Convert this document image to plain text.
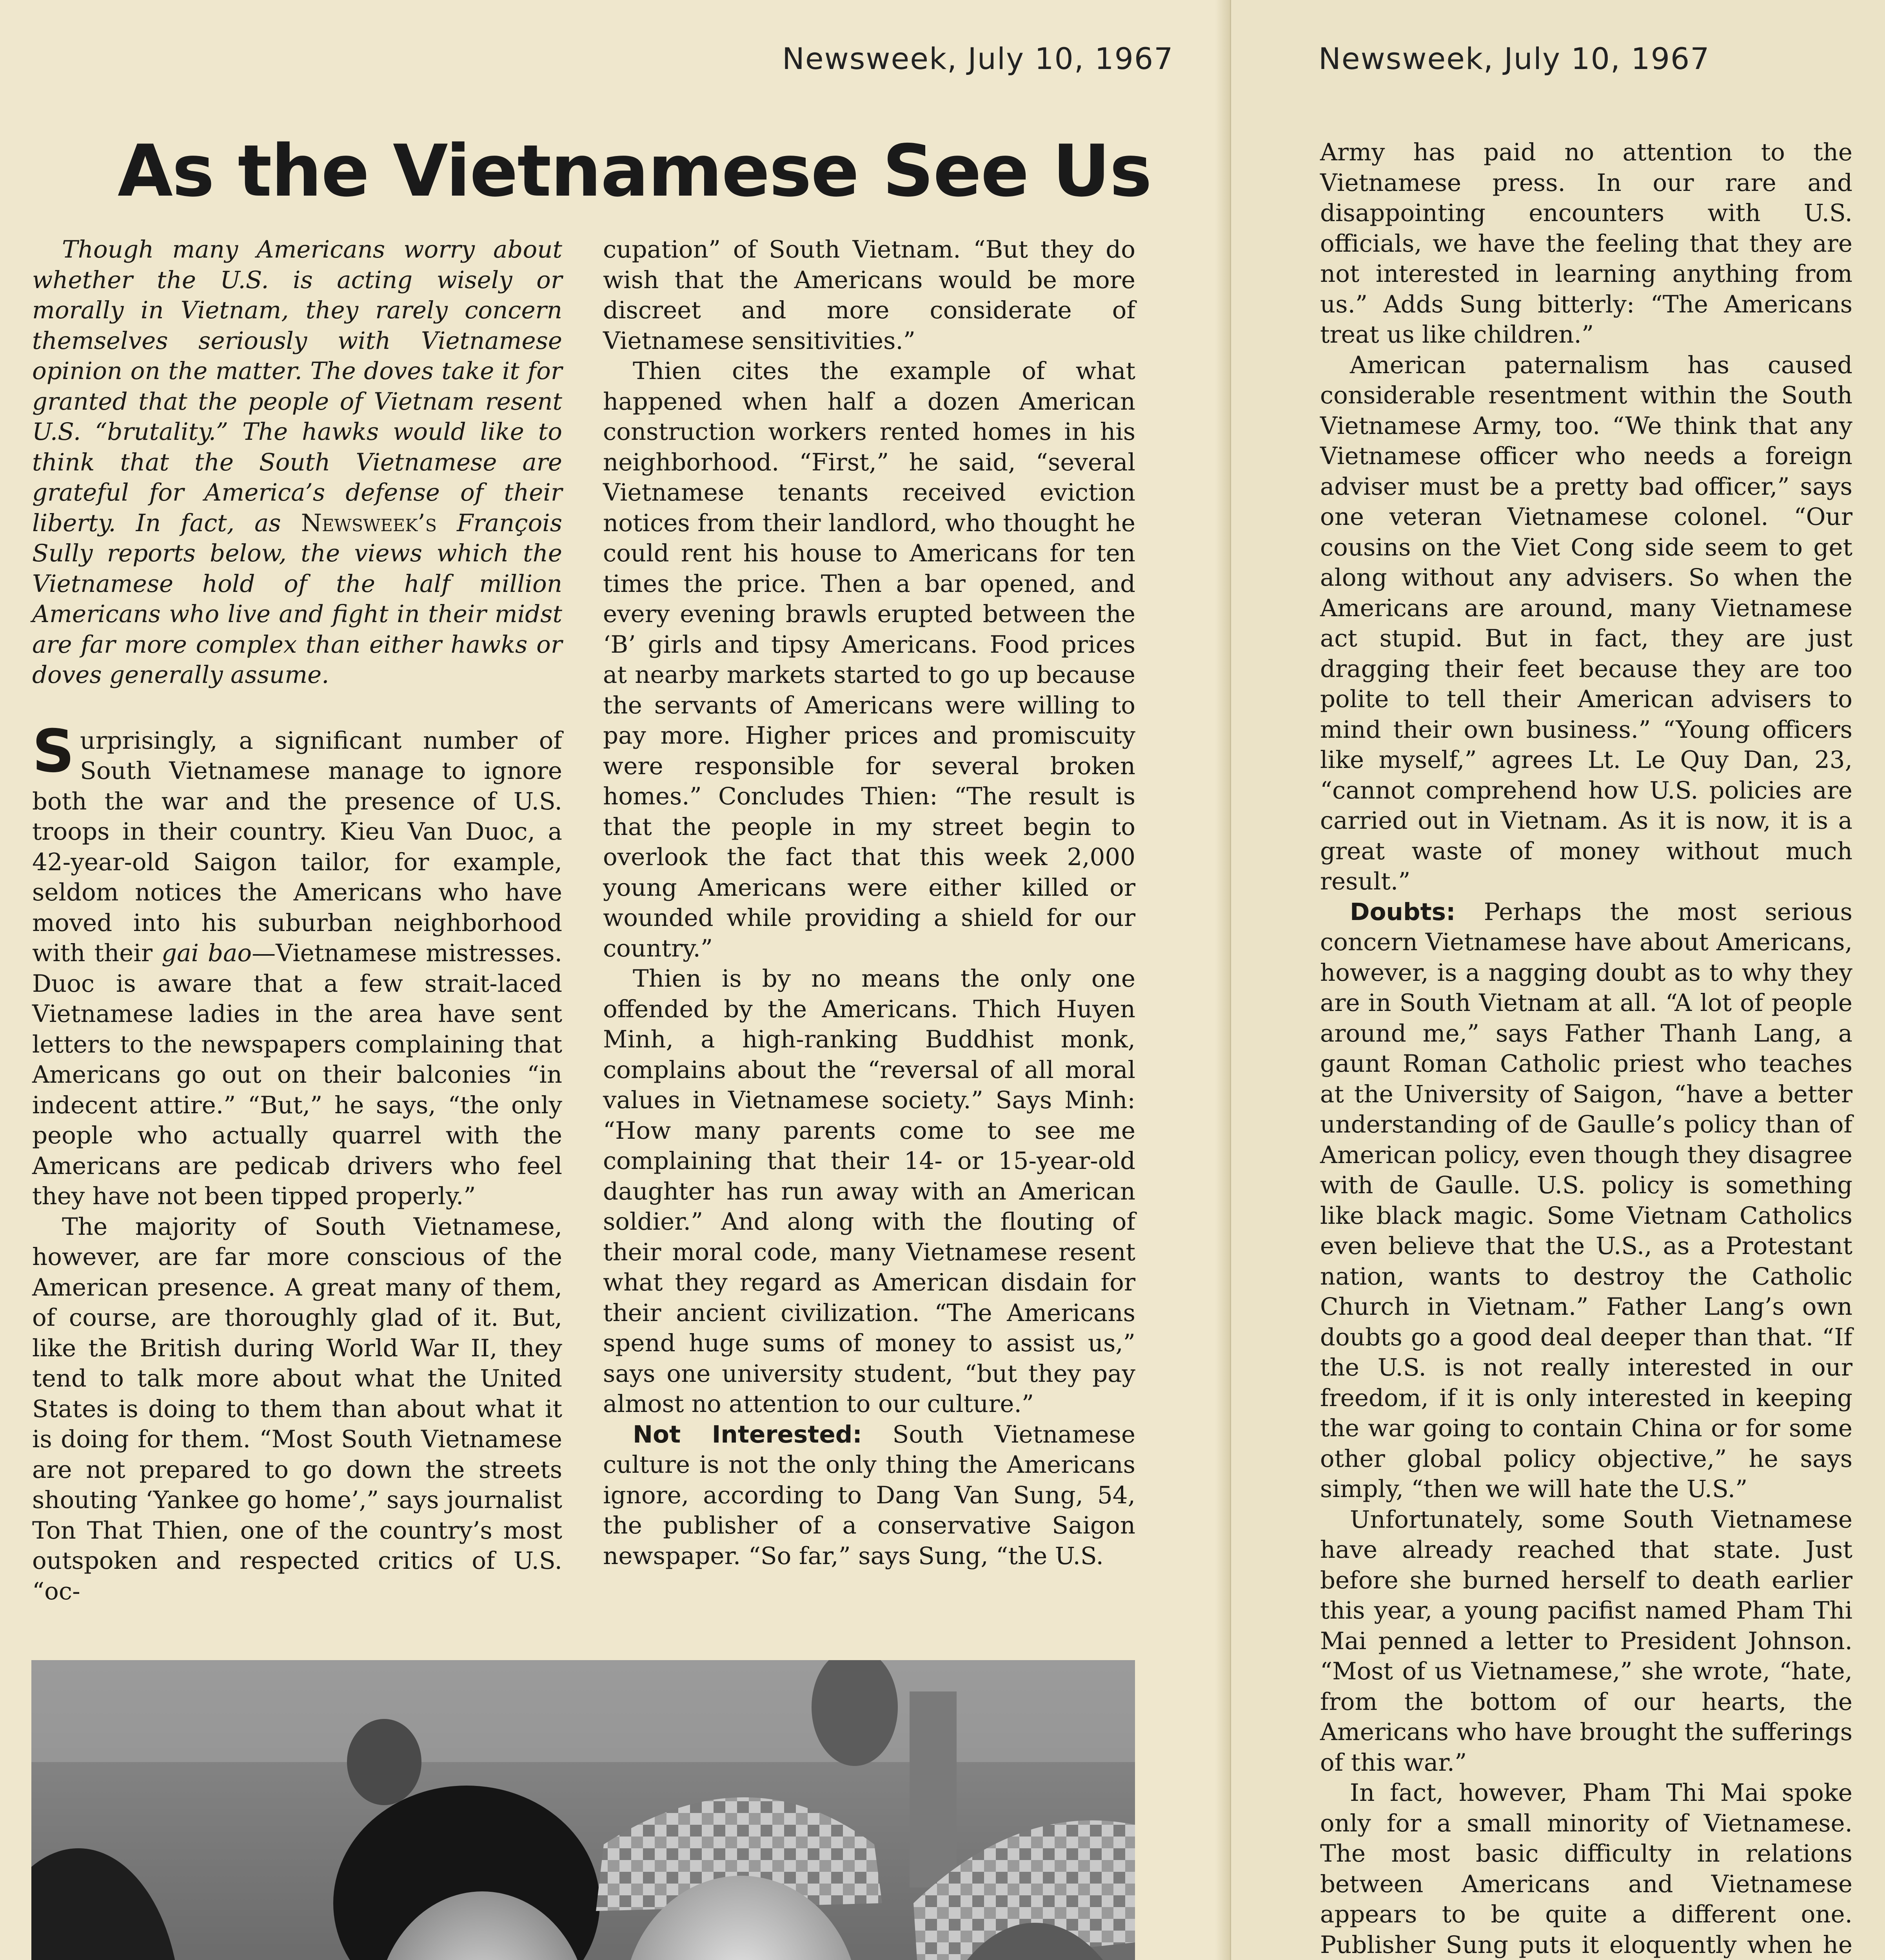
Newsweek, July 10, 1967
As the Vietnamese See Us

Though many Americans worry about whether the U.S. is acting wisely or morally in Vietnam, they rarely concern themselves seriously with Vietnamese opinion on the matter. The doves take it for granted that the people of Vietnam resent U.S. “brutality.” The hawks would like to think that the South Vietnamese are grateful for America’s defense of their liberty. In fact, as Newsweek’s François Sully reports below, the views which the Vietnamese hold of the half million Americans who live and fight in their midst are far more complex than either hawks or doves generally assume.

Surprisingly, a significant number of South Vietnamese manage to ignore both the war and the presence of U.S. troops in their country. Kieu Van Duoc, a 42-year-old Saigon tailor, for example, seldom notices the Americans who have moved into his suburban neighborhood with their gai bao—Vietnamese mistresses. Duoc is aware that a few strait-laced Vietnamese ladies in the area have sent letters to the newspapers complaining that Americans go out on their balconies “in indecent attire.” “But,” he says, “the only people who actually quarrel with the Americans are pedicab drivers who feel they have not been tipped properly.”

The majority of South Vietnamese, however, are far more conscious of the American presence. A great many of them, of course, are thoroughly glad of it. But, like the British during World War II, they tend to talk more about what the United States is doing to them than about what it is doing for them. “Most South Vietnamese are not prepared to go down the streets shouting ‘Yankee go home’,” says journalist Ton That Thien, one of the country’s most outspoken and respected critics of U.S. “oc-

cupation” of South Vietnam. “But they do wish that the Americans would be more discreet and more considerate of Vietnamese sensitivities.”

Thien cites the example of what happened when half a dozen American construction workers rented homes in his neighborhood. “First,” he said, “several Vietnamese tenants received eviction notices from their landlord, who thought he could rent his house to Americans for ten times the price. Then a bar opened, and every evening brawls erupted between the ‘B’ girls and tipsy Americans. Food prices at nearby markets started to go up because the servants of Americans were willing to pay more. Higher prices and promiscuity were responsible for several broken homes.” Concludes Thien: “The result is that the people in my street begin to overlook the fact that this week 2,000 young Americans were either killed or wounded while providing a shield for our country.”

Thien is by no means the only one offended by the Americans. Thich Huyen Minh, a high-ranking Buddhist monk, complains about the “reversal of all moral values in Vietnamese society.” Says Minh: “How many parents come to see me complaining that their 14- or 15-year-old daughter has run away with an American soldier.” And along with the flouting of their moral code, many Vietnamese resent what they regard as American disdain for their ancient civilization. “The Americans spend huge sums of money to assist us,” says one university student, “but they pay almost no attention to our culture.”

Not Interested: South Vietnamese culture is not the only thing the Americans ignore, according to Dang Van Sung, 54, the publisher of a conservative Saigon newspaper. “So far,” says Sung, “the U.S.

Newsweek, July 10, 1967

Army has paid no attention to the Vietnamese press. In our rare and disappointing encounters with U.S. officials, we have the feeling that they are not interested in learning anything from us.” Adds Sung bitterly: “The Americans treat us like children.”

American paternalism has caused considerable resentment within the South Vietnamese Army, too. “We think that any Vietnamese officer who needs a foreign adviser must be a pretty bad officer,” says one veteran Vietnamese colonel. “Our cousins on the Viet Cong side seem to get along without any advisers. So when the Americans are around, many Vietnamese act stupid. But in fact, they are just dragging their feet because they are too polite to tell their American advisers to mind their own business.” “Young officers like myself,” agrees Lt. Le Quy Dan, 23, “cannot comprehend how U.S. policies are carried out in Vietnam. As it is now, it is a great waste of money without much result.”

Doubts: Perhaps the most serious concern Vietnamese have about Americans, however, is a nagging doubt as to why they are in South Vietnam at all. “A lot of people around me,” says Father Thanh Lang, a gaunt Roman Catholic priest who teaches at the University of Saigon, “have a better understanding of de Gaulle’s policy than of American policy, even though they disagree with de Gaulle. U.S. policy is something like black magic. Some Vietnam Catholics even believe that the U.S., as a Protestant nation, wants to destroy the Catholic Church in Vietnam.” Father Lang’s own doubts go a good deal deeper than that. “If the U.S. is not really interested in our freedom, if it is only interested in keeping the war going to contain China or for some other global policy objective,” he says simply, “then we will hate the U.S.”

Unfortunately, some South Vietnamese have already reached that state. Just before she burned herself to death earlier this year, a young pacifist named Pham Thi Mai penned a letter to President Johnson. “Most of us Vietnamese,” she wrote, “hate, from the bottom of our hearts, the Americans who have brought the sufferings of this war.”

In fact, however, Pham Thi Mai spoke only for a small minority of Vietnamese. The most basic difficulty in relations between Americans and Vietnamese appears to be quite a different one. Publisher Sung puts it eloquently when he
